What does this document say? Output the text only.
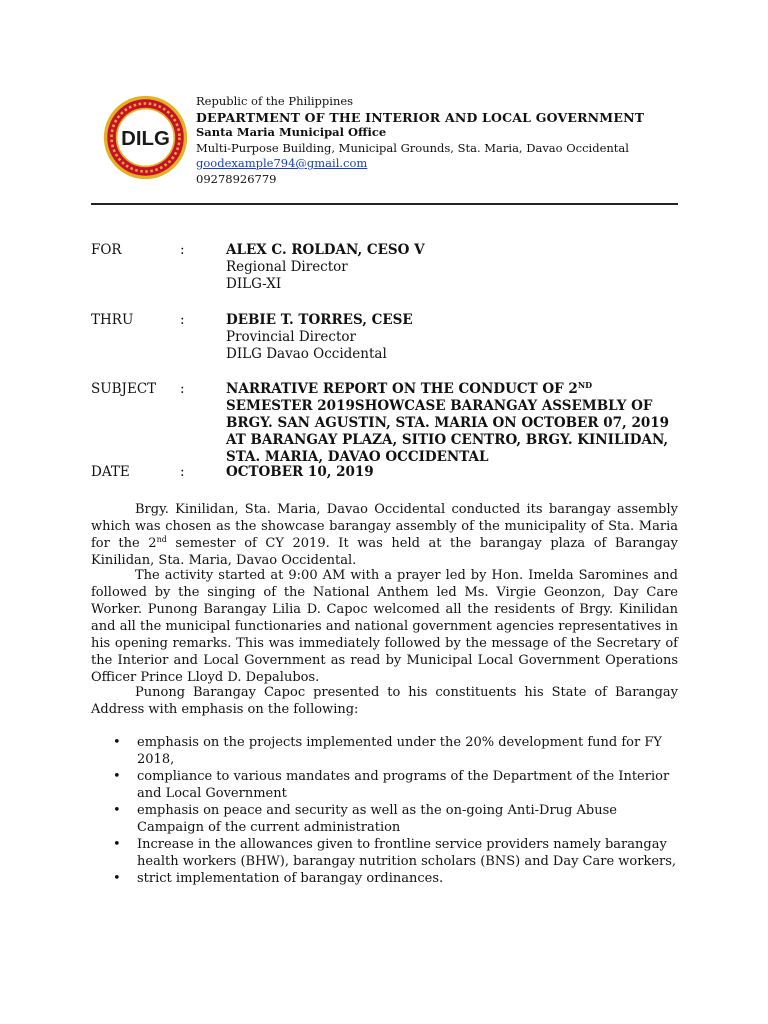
DILG
Republic of the Philippines
DEPARTMENT OF THE INTERIOR AND LOCAL GOVERNMENT
Santa Maria Municipal Office
Multi-Purpose Building, Municipal Grounds, Sta. Maria, Davao Occidental
goodexample794@gmail.com
09278926779
FOR	:	ALEX C. ROLDAN, CESO V
Regional Director
DILG-XI
THRU	:	DEBIE T. TORRES, CESE
Provincial Director
DILG Davao Occidental
SUBJECT	:	NARRATIVE REPORT ON THE CONDUCT OF 2ND SEMESTER 2019SHOWCASE BARANGAY ASSEMBLY OF BRGY. SAN AGUSTIN, STA. MARIA ON OCTOBER 07, 2019 AT BARANGAY PLAZA, SITIO CENTRO, BRGY. KINILIDAN, STA. MARIA, DAVAO OCCIDENTAL
DATE	:	OCTOBER 10, 2019
Brgy. Kinilidan, Sta. Maria, Davao Occidental conducted its barangay assembly which was chosen as the showcase barangay assembly of the municipality of Sta. Maria for the 2nd semester of CY 2019. It was held at the barangay plaza of Barangay Kinilidan, Sta. Maria, Davao Occidental.
The activity started at 9:00 AM with a prayer led by Hon. Imelda Saromines and followed by the singing of the National Anthem led Ms. Virgie Geonzon, Day Care Worker. Punong Barangay Lilia D. Capoc welcomed all the residents of Brgy. Kinilidan and all the municipal functionaries and national government agencies representatives in his opening remarks. This was immediately followed by the message of the Secretary of the Interior and Local Government as read by Municipal Local Government Operations Officer Prince Lloyd D. Depalubos.
Punong Barangay Capoc presented to his constituents his State of Barangay Address with emphasis on the following:
• emphasis on the projects implemented under the 20% development fund for FY 2018,
• compliance to various mandates and programs of the Department of the Interior and Local Government
• emphasis on peace and security as well as the on-going Anti-Drug Abuse Campaign of the current administration
• Increase in the allowances given to frontline service providers namely barangay health workers (BHW), barangay nutrition scholars (BNS) and Day Care workers,
• strict implementation of barangay ordinances.
